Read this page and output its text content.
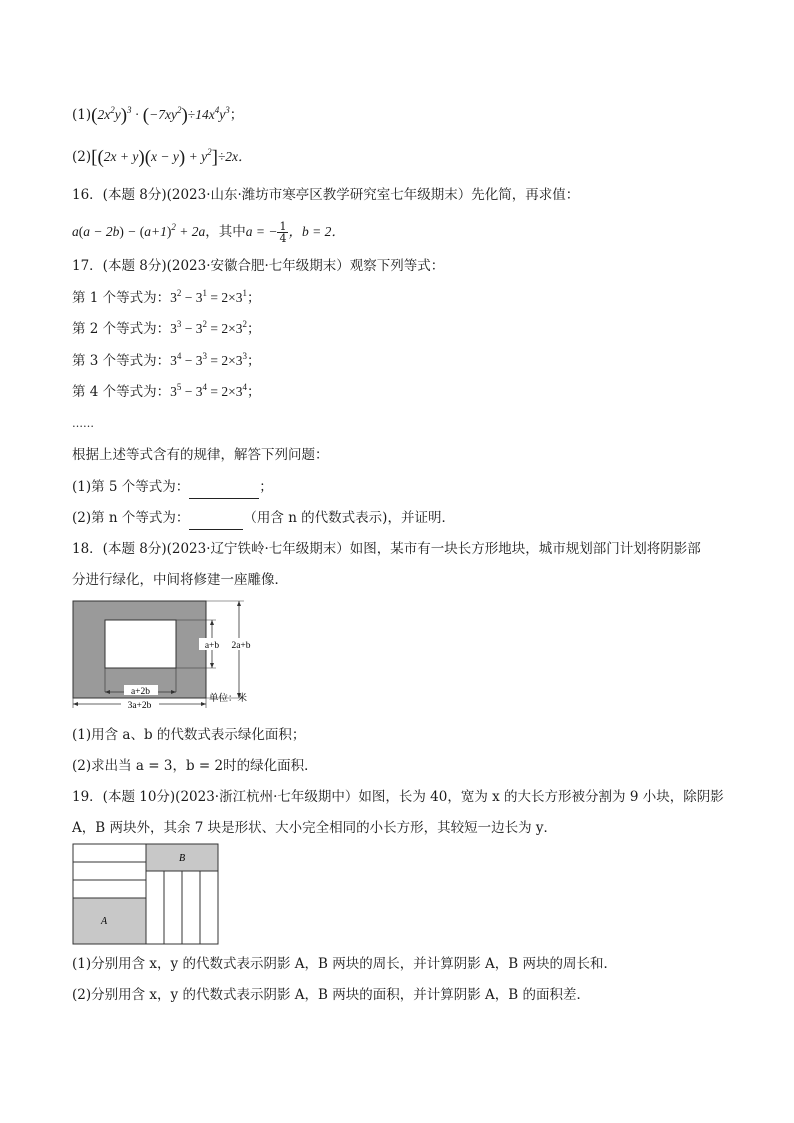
$(1)(2x^2y)^3 \cdot (-7xy^2)\div 14x^4y^3$；
$(2)[(2x + y)(x - y) + y^2]\div 2x$．
16．(本题 8分)(2023·山东·潍坊市寒亭区教学研究室七年级期末）先化简，再求值：
$a(a - 2b) - (a+1)^2 + 2a$，其中a = − $\frac{1}{4}$ ，b = 2．
17．(本题 8分)(2023·安徽合肥·七年级期末）观察下列等式：
第 1 个等式为：$3^2 - 3^1 = 2\times 3^1$；
第 2 个等式为：$3^3 - 3^2 = 2\times 3^2$；
第 3 个等式为：$3^4 - 3^3 = 2\times 3^3$；
第 4 个等式为：$3^5 - 3^4 = 2\times 3^4$；
……
根据上述等式含有的规律，解答下列问题：
(1)第 5 个等式为：	；
(2)第 n 个等式为：	（用含 n 的代数式表示)，并证明．
18．(本题 8分)(2023·辽宁铁岭·七年级期末）如图，某市有一块长方形地块，城市规划部门计划将阴影部
分进行绿化，中间将修建一座雕像．
a+b 2a+b
a+2b
3a+2b
单位：米
(1)用含 a、b 的代数式表示绿化面积；
(2)求出当 a = 3，b = 2时的绿化面积．
19．(本题 10分)(2023·浙江杭州·七年级期中）如图，长为 40，宽为 x 的大长方形被分割为 9 小块，除阴影
A，B 两块外，其余 7 块是形状、大小完全相同的小长方形，其较短一边长为 y．
B
A
(1)分别用含 x，y 的代数式表示阴影 A，B 两块的周长，并计算阴影 A，B 两块的周长和．
(2)分别用含 x，y 的代数式表示阴影 A，B 两块的面积，并计算阴影 A，B 的面积差．
